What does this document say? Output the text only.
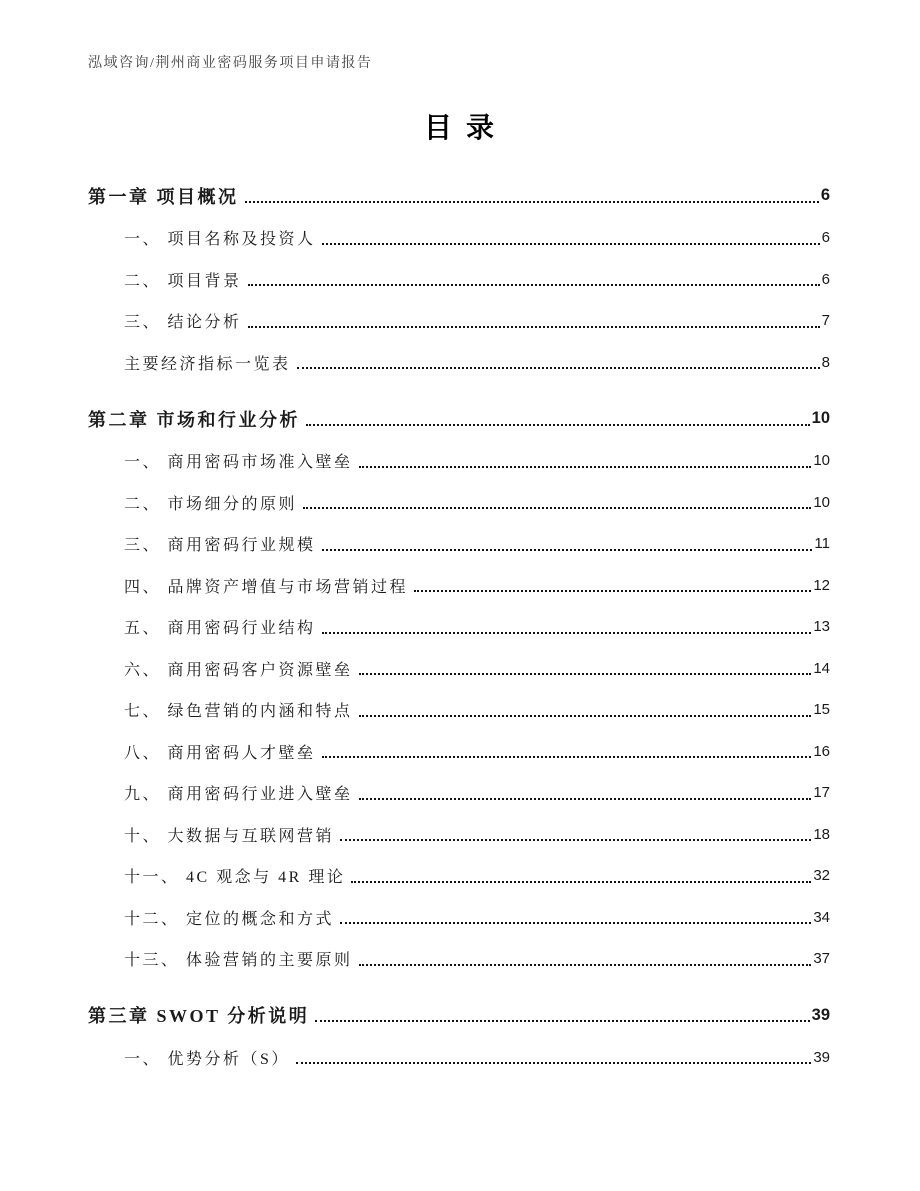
泓域咨询/荆州商业密码服务项目申请报告
目录
第一章 项目概况	6
一、 项目名称及投资人	6
二、 项目背景	6
三、 结论分析	7
主要经济指标一览表	8
第二章 市场和行业分析	10
一、 商用密码市场准入壁垒	10
二、 市场细分的原则	10
三、 商用密码行业规模	11
四、 品牌资产增值与市场营销过程	12
五、 商用密码行业结构	13
六、 商用密码客户资源壁垒	14
七、 绿色营销的内涵和特点	15
八、 商用密码人才壁垒	16
九、 商用密码行业进入壁垒	17
十、 大数据与互联网营销	18
十一、 4C 观念与 4R 理论	32
十二、 定位的概念和方式	34
十三、 体验营销的主要原则	37
第三章 SWOT 分析说明	39
一、 优势分析（S）	39
